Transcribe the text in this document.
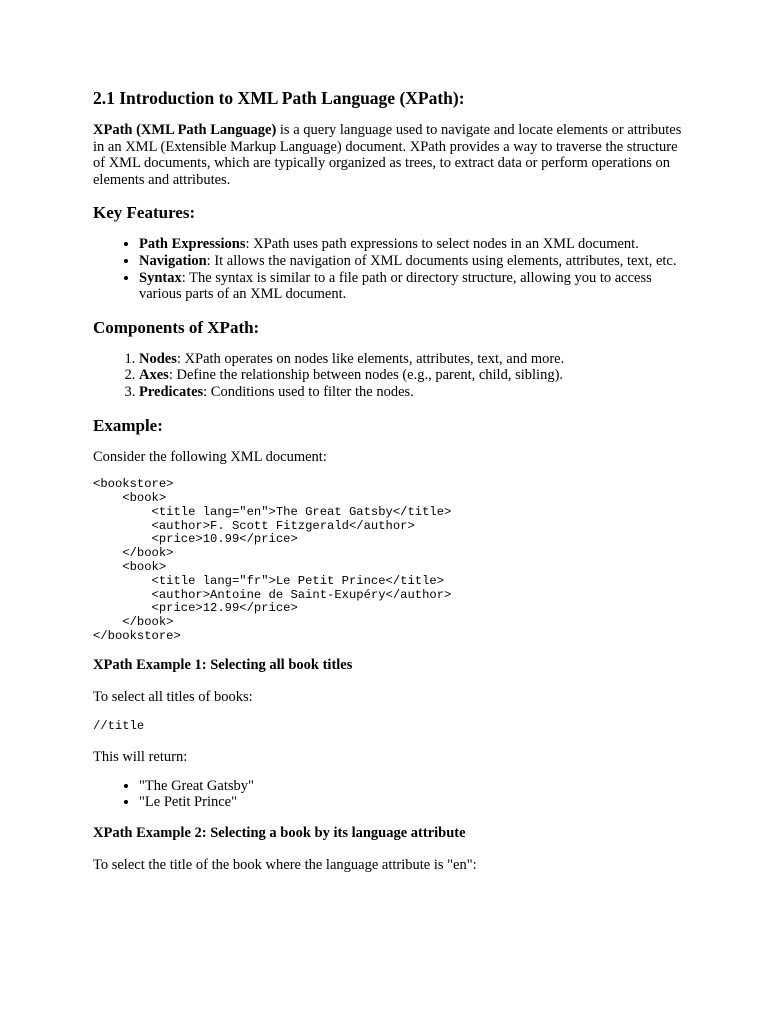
2.1 Introduction to XML Path Language (XPath):

XPath (XML Path Language) is a query language used to navigate and locate elements or attributes in an XML (Extensible Markup Language) document. XPath provides a way to traverse the structure of XML documents, which are typically organized as trees, to extract data or perform operations on elements and attributes.

Key Features:
• Path Expressions: XPath uses path expressions to select nodes in an XML document.
• Navigation: It allows the navigation of XML documents using elements, attributes, text, etc.
• Syntax: The syntax is similar to a file path or directory structure, allowing you to access various parts of an XML document.
Components of XPath:
1. Nodes: XPath operates on nodes like elements, attributes, text, and more.
2. Axes: Define the relationship between nodes (e.g., parent, child, sibling).
3. Predicates: Conditions used to filter the nodes.
Example:

Consider the following XML document:

<bookstore>
<book>
<title lang="en">The Great Gatsby</title>
<author>F. Scott Fitzgerald</author>
<price>10.99</price>
</book>
<book>
<title lang="fr">Le Petit Prince</title>
<author>Antoine de Saint-Exupéry</author>
<price>12.99</price>
</book>
</bookstore>
XPath Example 1: Selecting all book titles

To select all titles of books:

//title

This will return:

• "The Great Gatsby"
• "Le Petit Prince"
XPath Example 2: Selecting a book by its language attribute

To select the title of the book where the language attribute is "en":
